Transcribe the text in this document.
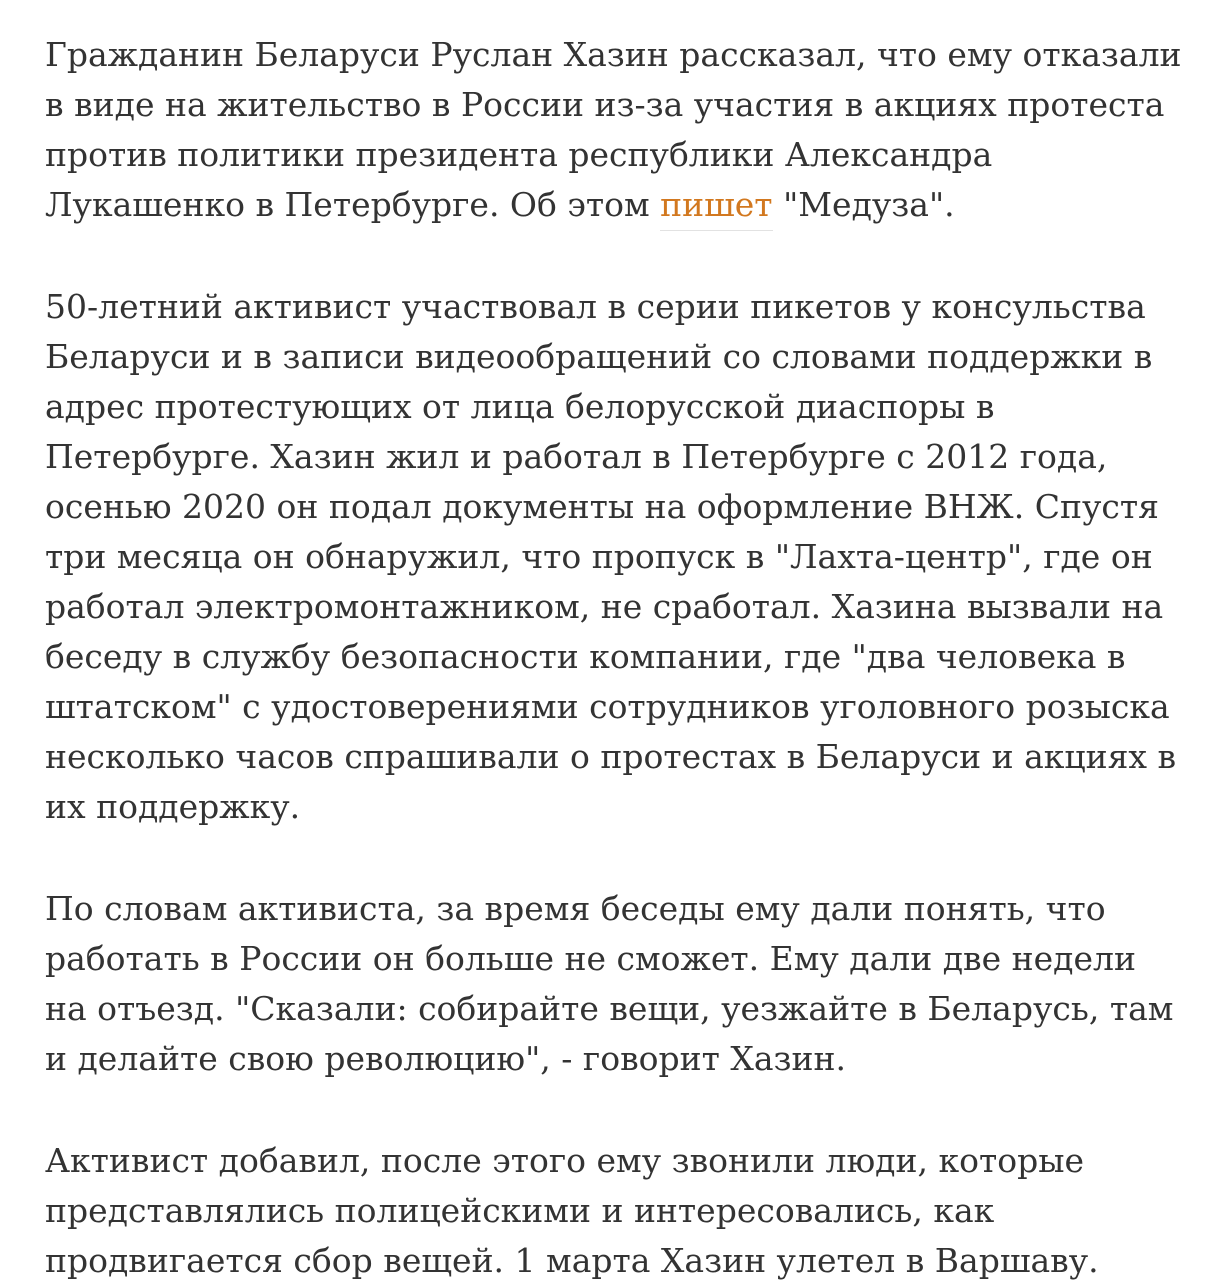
Гражданин Беларуси Руслан Хазин рассказал, что ему отказали в виде на жительство в России из-за участия в акциях протеста против политики президента республики Александра Лукашенко в Петербурге. Об этом пишет "Медуза".

50-летний активист участвовал в серии пикетов у консульства Беларуси и в записи видеообращений со словами поддержки в адрес протестующих от лица белорусской диаспоры в Петербурге. Хазин жил и работал в Петербурге с 2012 года, осенью 2020 он подал документы на оформление ВНЖ. Спустя три месяца он обнаружил, что пропуск в "Лахта-центр", где он работал электромонтажником, не сработал. Хазина вызвали на беседу в службу безопасности компании, где "два человека в штатском" с удостоверениями сотрудников уголовного розыска несколько часов спрашивали о протестах в Беларуси и акциях в их поддержку.

По словам активиста, за время беседы ему дали понять, что работать в России он больше не сможет. Ему дали две недели на отъезд. "Сказали: собирайте вещи, уезжайте в Беларусь, там и делайте свою революцию", - говорит Хазин.

Активист добавил, после этого ему звонили люди, которые представлялись полицейскими и интересовались, как продвигается сбор вещей. 1 марта Хазин улетел в Варшаву.
